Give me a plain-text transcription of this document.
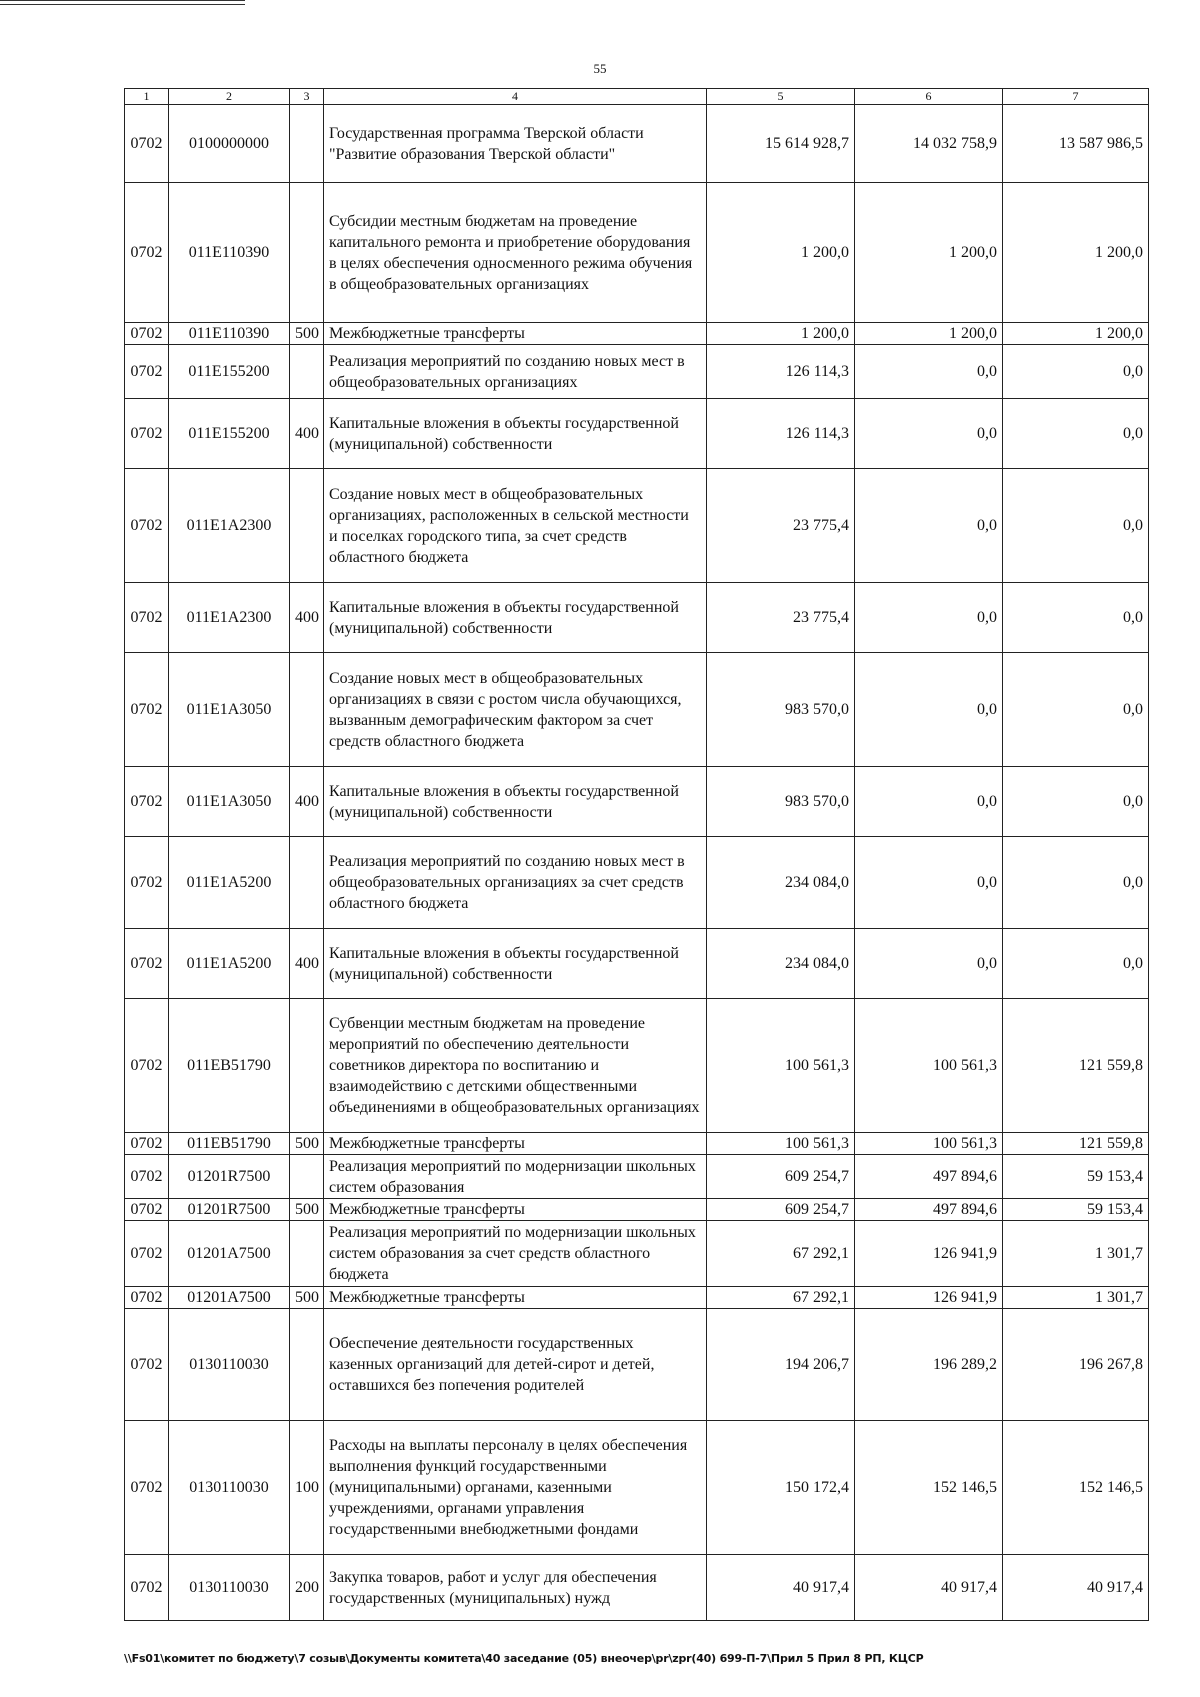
55
1	2	3	4	5	6	7
0702	0100000000		Государственная программа Тверской области "Развитие образования Тверской области"	15 614 928,7	14 032 758,9	13 587 986,5
0702	011E110390		Субсидии местным бюджетам на проведение капитального ремонта и приобретение оборудования в целях обеспечения односменного режима обучения в общеобразовательных организациях	1 200,0	1 200,0	1 200,0
0702	011E110390	500	Межбюджетные трансферты	1 200,0	1 200,0	1 200,0
0702	011E155200		Реализация мероприятий по созданию новых мест в общеобразовательных организациях	126 114,3	0,0	0,0
0702	011E155200	400	Капитальные вложения в объекты государственной (муниципальной) собственности	126 114,3	0,0	0,0
0702	011E1A2300		Создание новых мест в общеобразовательных организациях, расположенных в сельской местности и поселках городского типа, за счет средств областного бюджета	23 775,4	0,0	0,0
0702	011E1A2300	400	Капитальные вложения в объекты государственной (муниципальной) собственности	23 775,4	0,0	0,0
0702	011E1A3050		Создание новых мест в общеобразовательных организациях в связи с ростом числа обучающихся, вызванным демографическим фактором за счет средств областного бюджета	983 570,0	0,0	0,0
0702	011E1A3050	400	Капитальные вложения в объекты государственной (муниципальной) собственности	983 570,0	0,0	0,0
0702	011E1A5200		Реализация мероприятий по созданию новых мест в общеобразовательных организациях за счет средств областного бюджета	234 084,0	0,0	0,0
0702	011E1A5200	400	Капитальные вложения в объекты государственной (муниципальной) собственности	234 084,0	0,0	0,0
0702	011EB51790		Субвенции местным бюджетам на проведение мероприятий по обеспечению деятельности советников директора по воспитанию и взаимодействию с детскими общественными объединениями в общеобразовательных организациях	100 561,3	100 561,3	121 559,8
0702	011EB51790	500	Межбюджетные трансферты	100 561,3	100 561,3	121 559,8
0702	01201R7500		Реализация мероприятий по модернизации школьных систем образования	609 254,7	497 894,6	59 153,4
0702	01201R7500	500	Межбюджетные трансферты	609 254,7	497 894,6	59 153,4
0702	01201A7500		Реализация мероприятий по модернизации школьных систем образования за счет средств областного бюджета	67 292,1	126 941,9	1 301,7
0702	01201A7500	500	Межбюджетные трансферты	67 292,1	126 941,9	1 301,7
0702	0130110030		Обеспечение деятельности государственных казенных организаций для детей-сирот и детей, оставшихся без попечения родителей	194 206,7	196 289,2	196 267,8
0702	0130110030	100	Расходы на выплаты персоналу в целях обеспечения выполнения функций государственными (муниципальными) органами, казенными учреждениями, органами управления государственными внебюджетными фондами	150 172,4	152 146,5	152 146,5
0702	0130110030	200	Закупка товаров, работ и услуг для обеспечения государственных (муниципальных) нужд	40 917,4	40 917,4	40 917,4
\\Fs01\комитет по бюджету\7 созыв\Документы комитета\40 заседание (05) внеочер\pr\zpr(40) 699-П-7\Прил 5 Прил 8 РП, КЦСР
